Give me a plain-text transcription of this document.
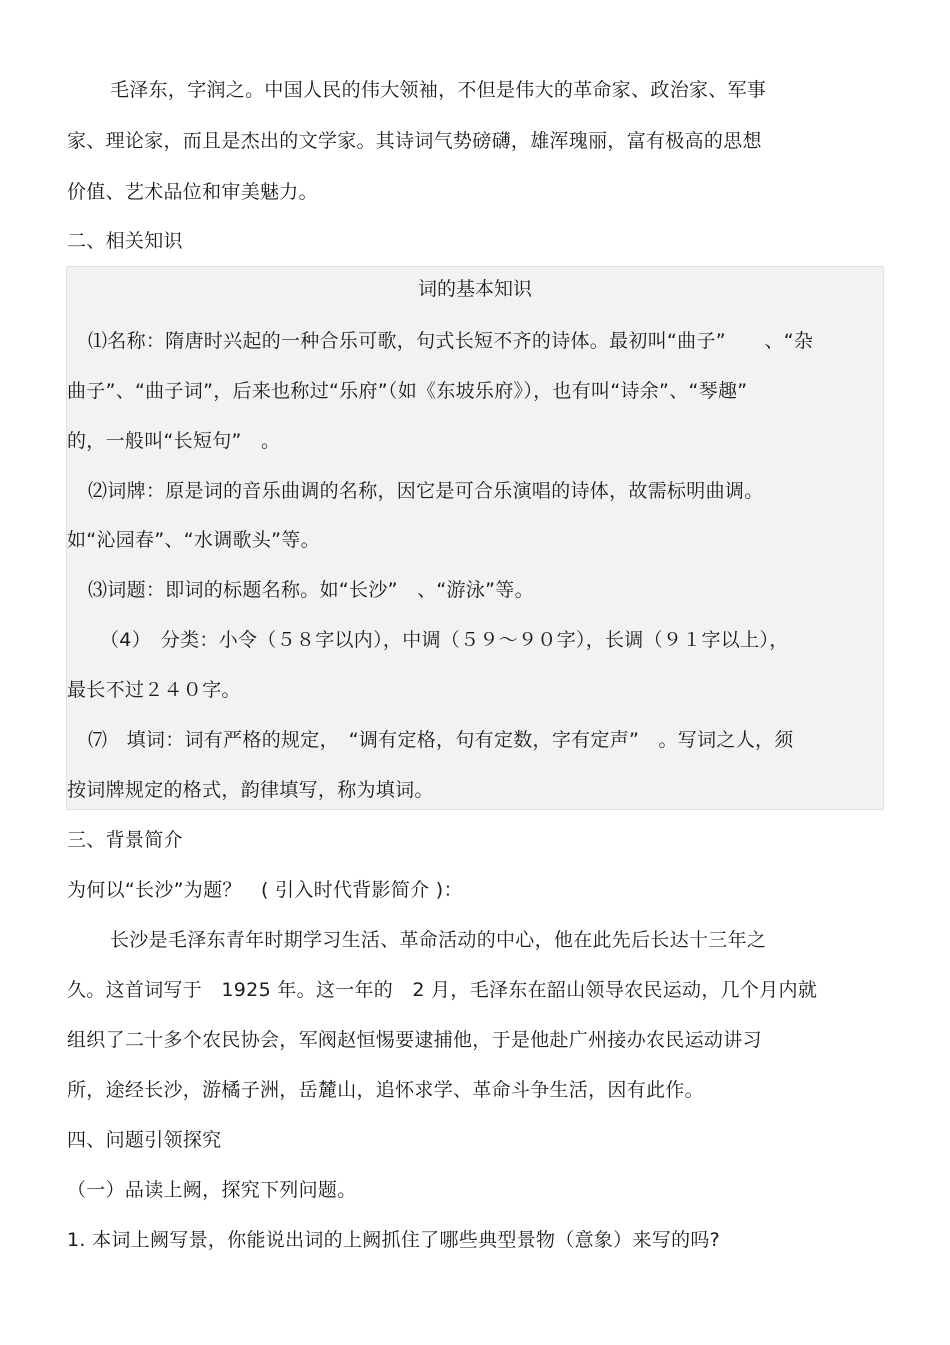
毛泽东，字润之。中国人民的伟大领袖，不但是伟大的革命家、政治家、军事
家、理论家，而且是杰出的文学家。其诗词气势磅礴，雄浑瑰丽，富有极高的思想
价值、艺术品位和审美魅力。
二、相关知识
词的基本知识
⑴名称：隋唐时兴起的一种合乐可歌，句式长短不齐的诗体。最初叫“曲子”　　、“杂
曲子”、“曲子词”，后来也称过“乐府”（如《东坡乐府》），也有叫“诗余”、“琴趣”
的，一般叫“长短句”　。
⑵词牌：原是词的音乐曲调的名称，因它是可合乐演唱的诗体，故需标明曲调。
如“沁园春”、“水调歌头”等。
⑶词题：即词的标题名称。如“长沙”　、“游泳”等。
（4）　分类：小令（５８字以内），中调（５９～９０字），长调（９１字以上），
最长不过２４０字。
⑺　填词：词有严格的规定，　“调有定格，句有定数，字有定声”　。写词之人，须
按词牌规定的格式，韵律填写，称为填词。
三、背景简介
为何以“长沙”为题？　( 引入时代背影简介 )：
长沙是毛泽东青年时期学习生活、革命活动的中心，他在此先后长达十三年之
久。这首词写于　1925 年。这一年的　2 月，毛泽东在韶山领导农民运动，几个月内就
组织了二十多个农民协会，军阀赵恒惕要逮捕他，于是他赴广州接办农民运动讲习
所，途经长沙，游橘子洲，岳麓山，追怀求学、革命斗争生活，因有此作。
四、问题引领探究
（一）品读上阙，探究下列问题。
1. 本词上阙写景，你能说出词的上阙抓住了哪些典型景物（意象）来写的吗?
